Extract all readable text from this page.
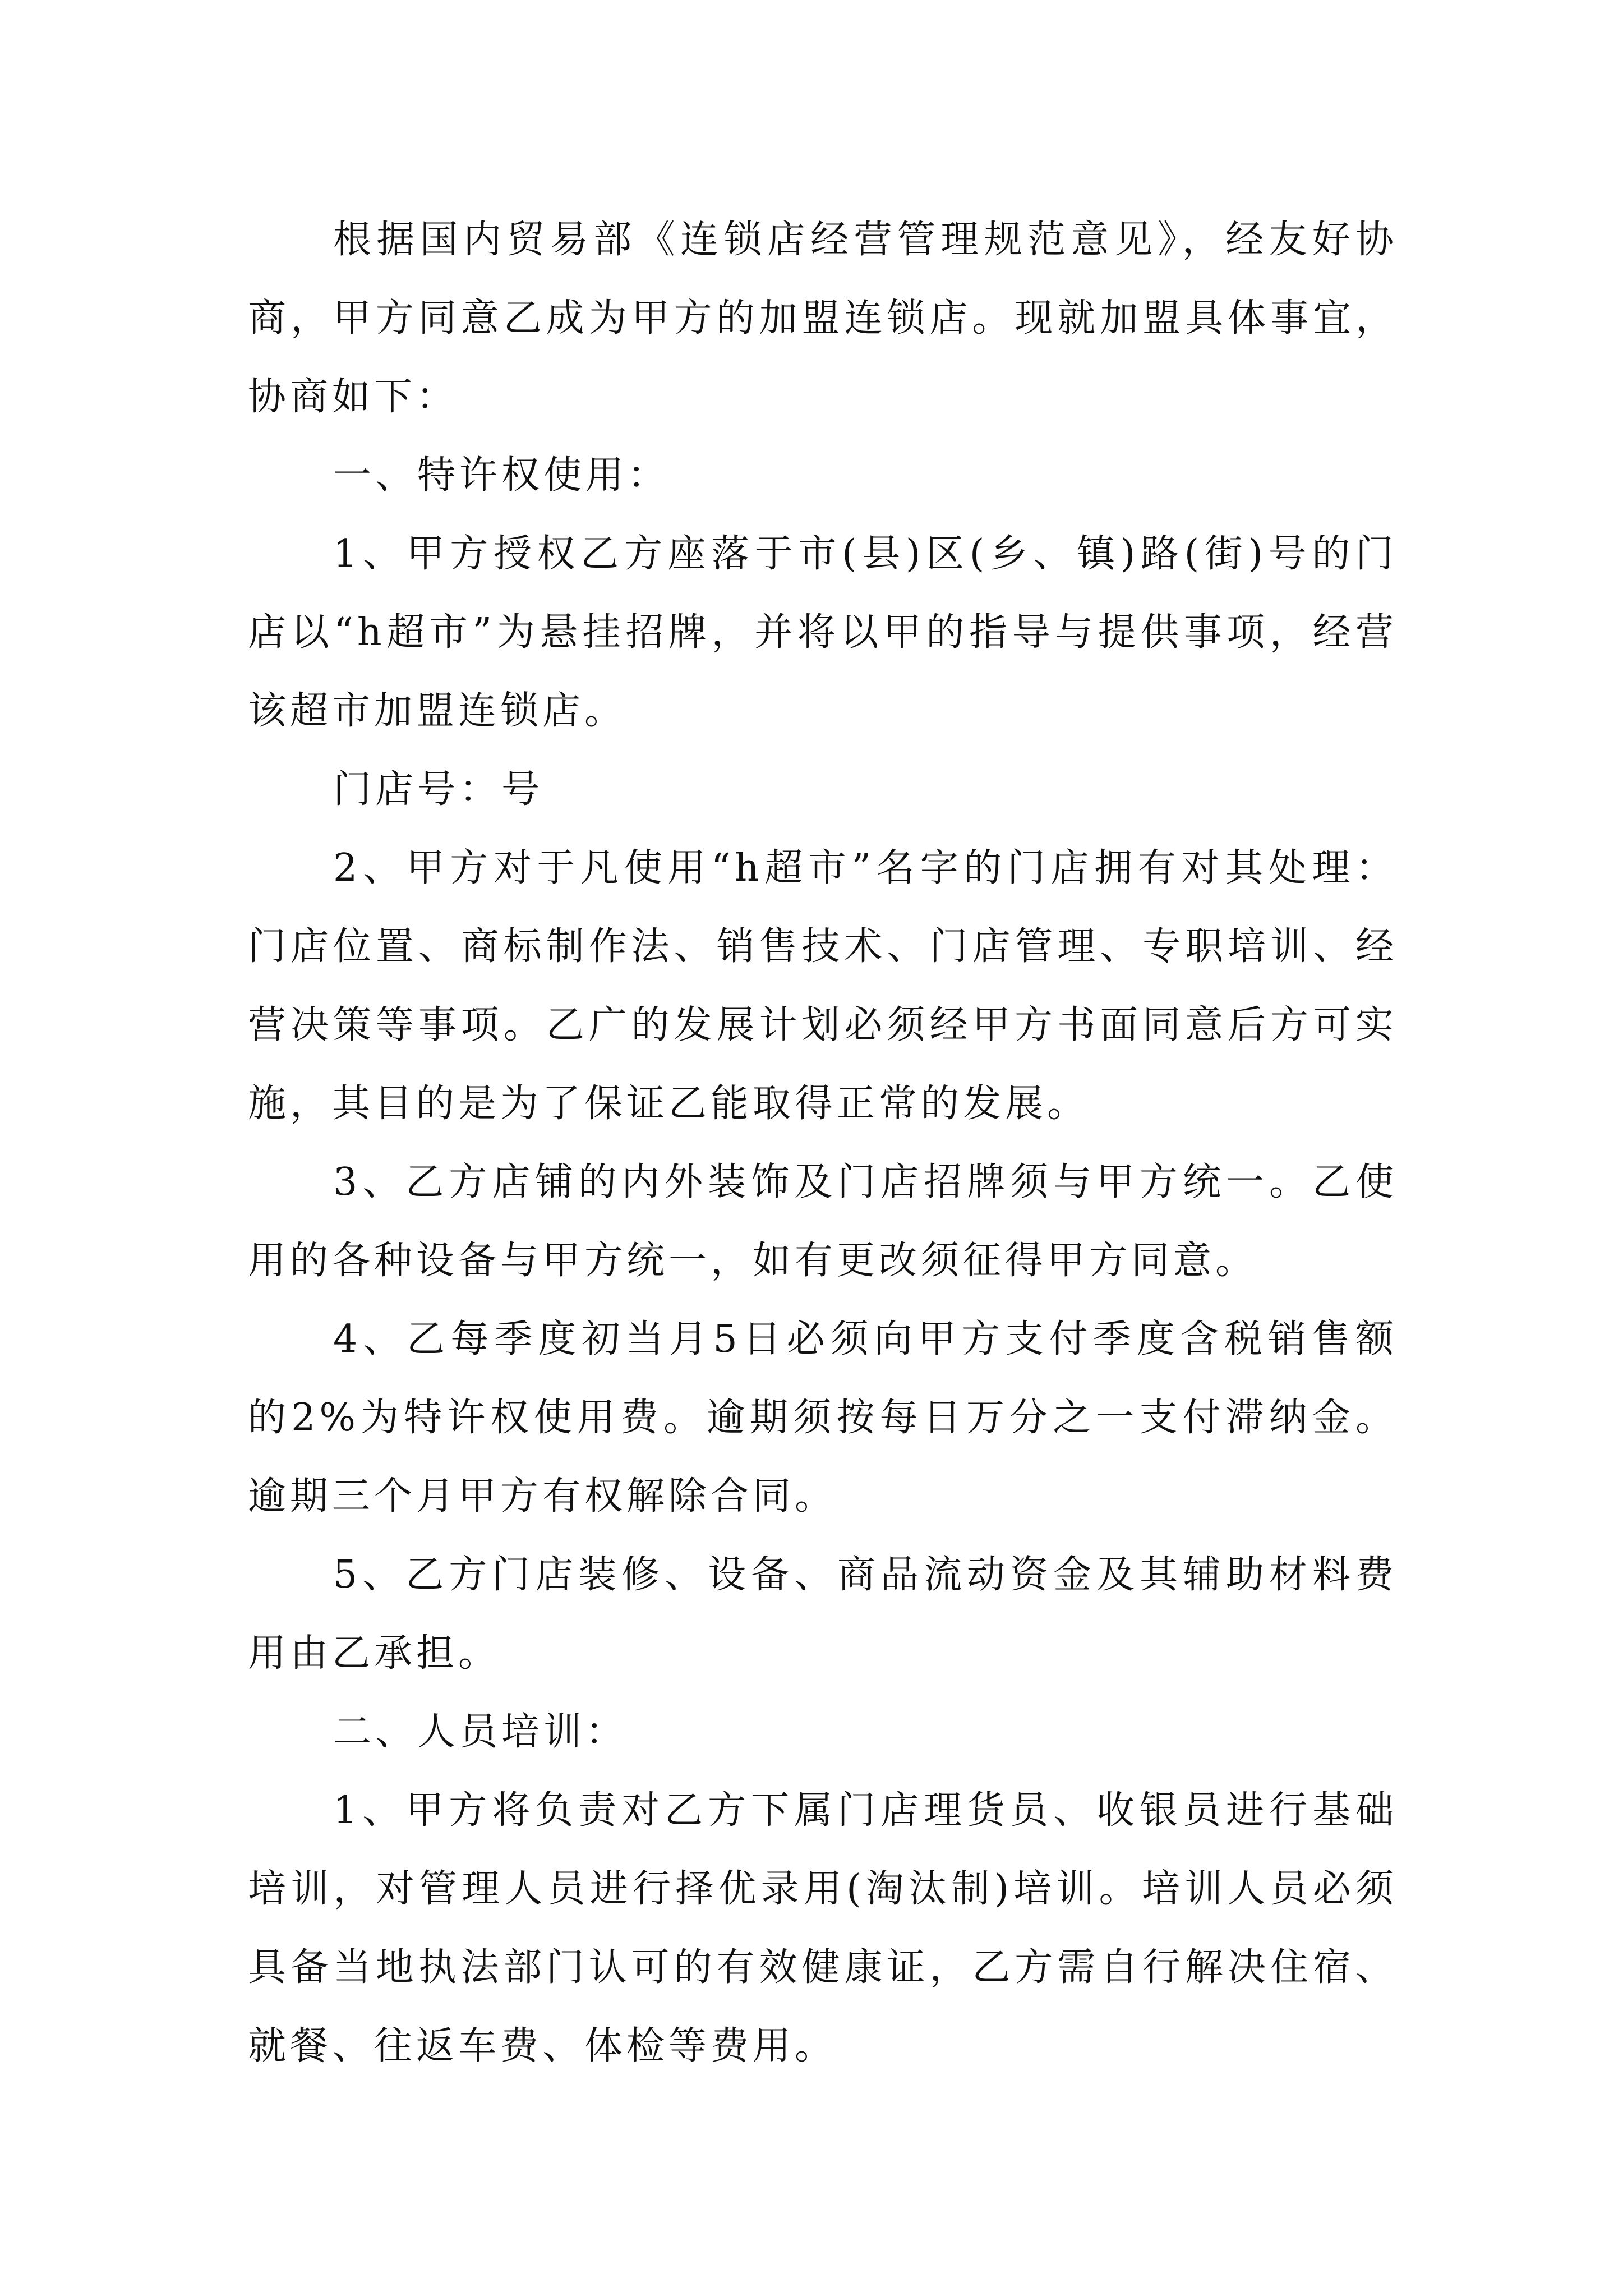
根据国内贸易部《连锁店经营管理规范意见》，经友好协商，甲方同意乙成为甲方的加盟连锁店。现就加盟具体事宜，协商如下：

一、特许权使用：

1、甲方授权乙方座落于市(县)区(乡、镇)路(街)号的门店以“h超市”为悬挂招牌，并将以甲的指导与提供事项，经营该超市加盟连锁店。

门店号：号

2、甲方对于凡使用“h超市”名字的门店拥有对其处理：门店位置、商标制作法、销售技术、门店管理、专职培训、经营决策等事项。乙广的发展计划必须经甲方书面同意后方可实施，其目的是为了保证乙能取得正常的发展。

3、乙方店铺的内外装饰及门店招牌须与甲方统一。乙使用的各种设备与甲方统一，如有更改须征得甲方同意。

4、乙每季度初当月5日必须向甲方支付季度含税销售额的2%为特许权使用费。逾期须按每日万分之一支付滞纳金。逾期三个月甲方有权解除合同。

5、乙方门店装修、设备、商品流动资金及其辅助材料费用由乙承担。

二、人员培训：

1、甲方将负责对乙方下属门店理货员、收银员进行基础培训，对管理人员进行择优录用(淘汰制)培训。培训人员必须具备当地执法部门认可的有效健康证，乙方需自行解决住宿、就餐、往返车费、体检等费用。
